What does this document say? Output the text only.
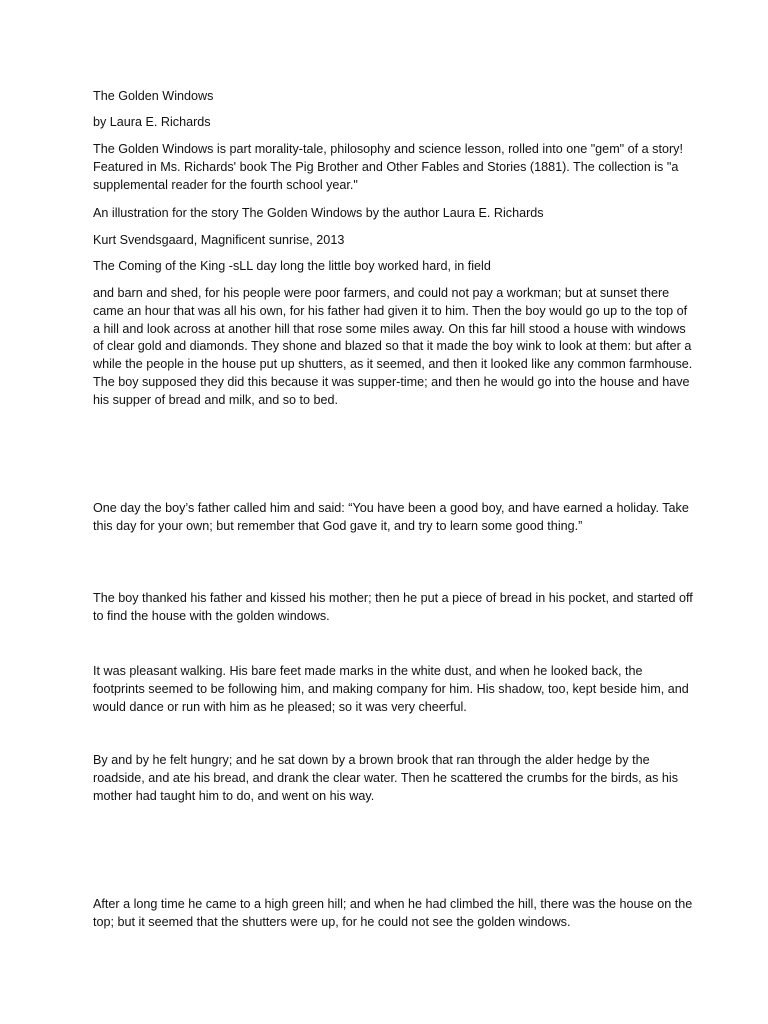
The Golden Windows

by Laura E. Richards

The Golden Windows is part morality-tale, philosophy and science lesson, rolled into one "gem" of a story! Featured in Ms. Richards' book The Pig Brother and Other Fables and Stories (1881). The collection is "a supplemental reader for the fourth school year."

An illustration for the story The Golden Windows by the author Laura E. Richards

Kurt Svendsgaard, Magnificent sunrise, 2013

The Coming of the King -sLL day long the little boy worked hard, in field

and barn and shed, for his people were poor farmers, and could not pay a workman; but at sunset there came an hour that was all his own, for his father had given it to him. Then the boy would go up to the top of a hill and look across at another hill that rose some miles away. On this far hill stood a house with windows of clear gold and diamonds. They shone and blazed so that it made the boy wink to look at them: but after a while the people in the house put up shutters, as it seemed, and then it looked like any common farmhouse. The boy supposed they did this because it was supper-time; and then he would go into the house and have his supper of bread and milk, and so to bed.

One day the boy’s father called him and said: “You have been a good boy, and have earned a holiday. Take this day for your own; but remember that God gave it, and try to learn some good thing.”

The boy thanked his father and kissed his mother; then he put a piece of bread in his pocket, and started off to find the house with the golden windows.

It was pleasant walking. His bare feet made marks in the white dust, and when he looked back, the footprints seemed to be following him, and making company for him. His shadow, too, kept beside him, and would dance or run with him as he pleased; so it was very cheerful.

By and by he felt hungry; and he sat down by a brown brook that ran through the alder hedge by the roadside, and ate his bread, and drank the clear water. Then he scattered the crumbs for the birds, as his mother had taught him to do, and went on his way.

After a long time he came to a high green hill; and when he had climbed the hill, there was the house on the top; but it seemed that the shutters were up, for he could not see the golden windows.
